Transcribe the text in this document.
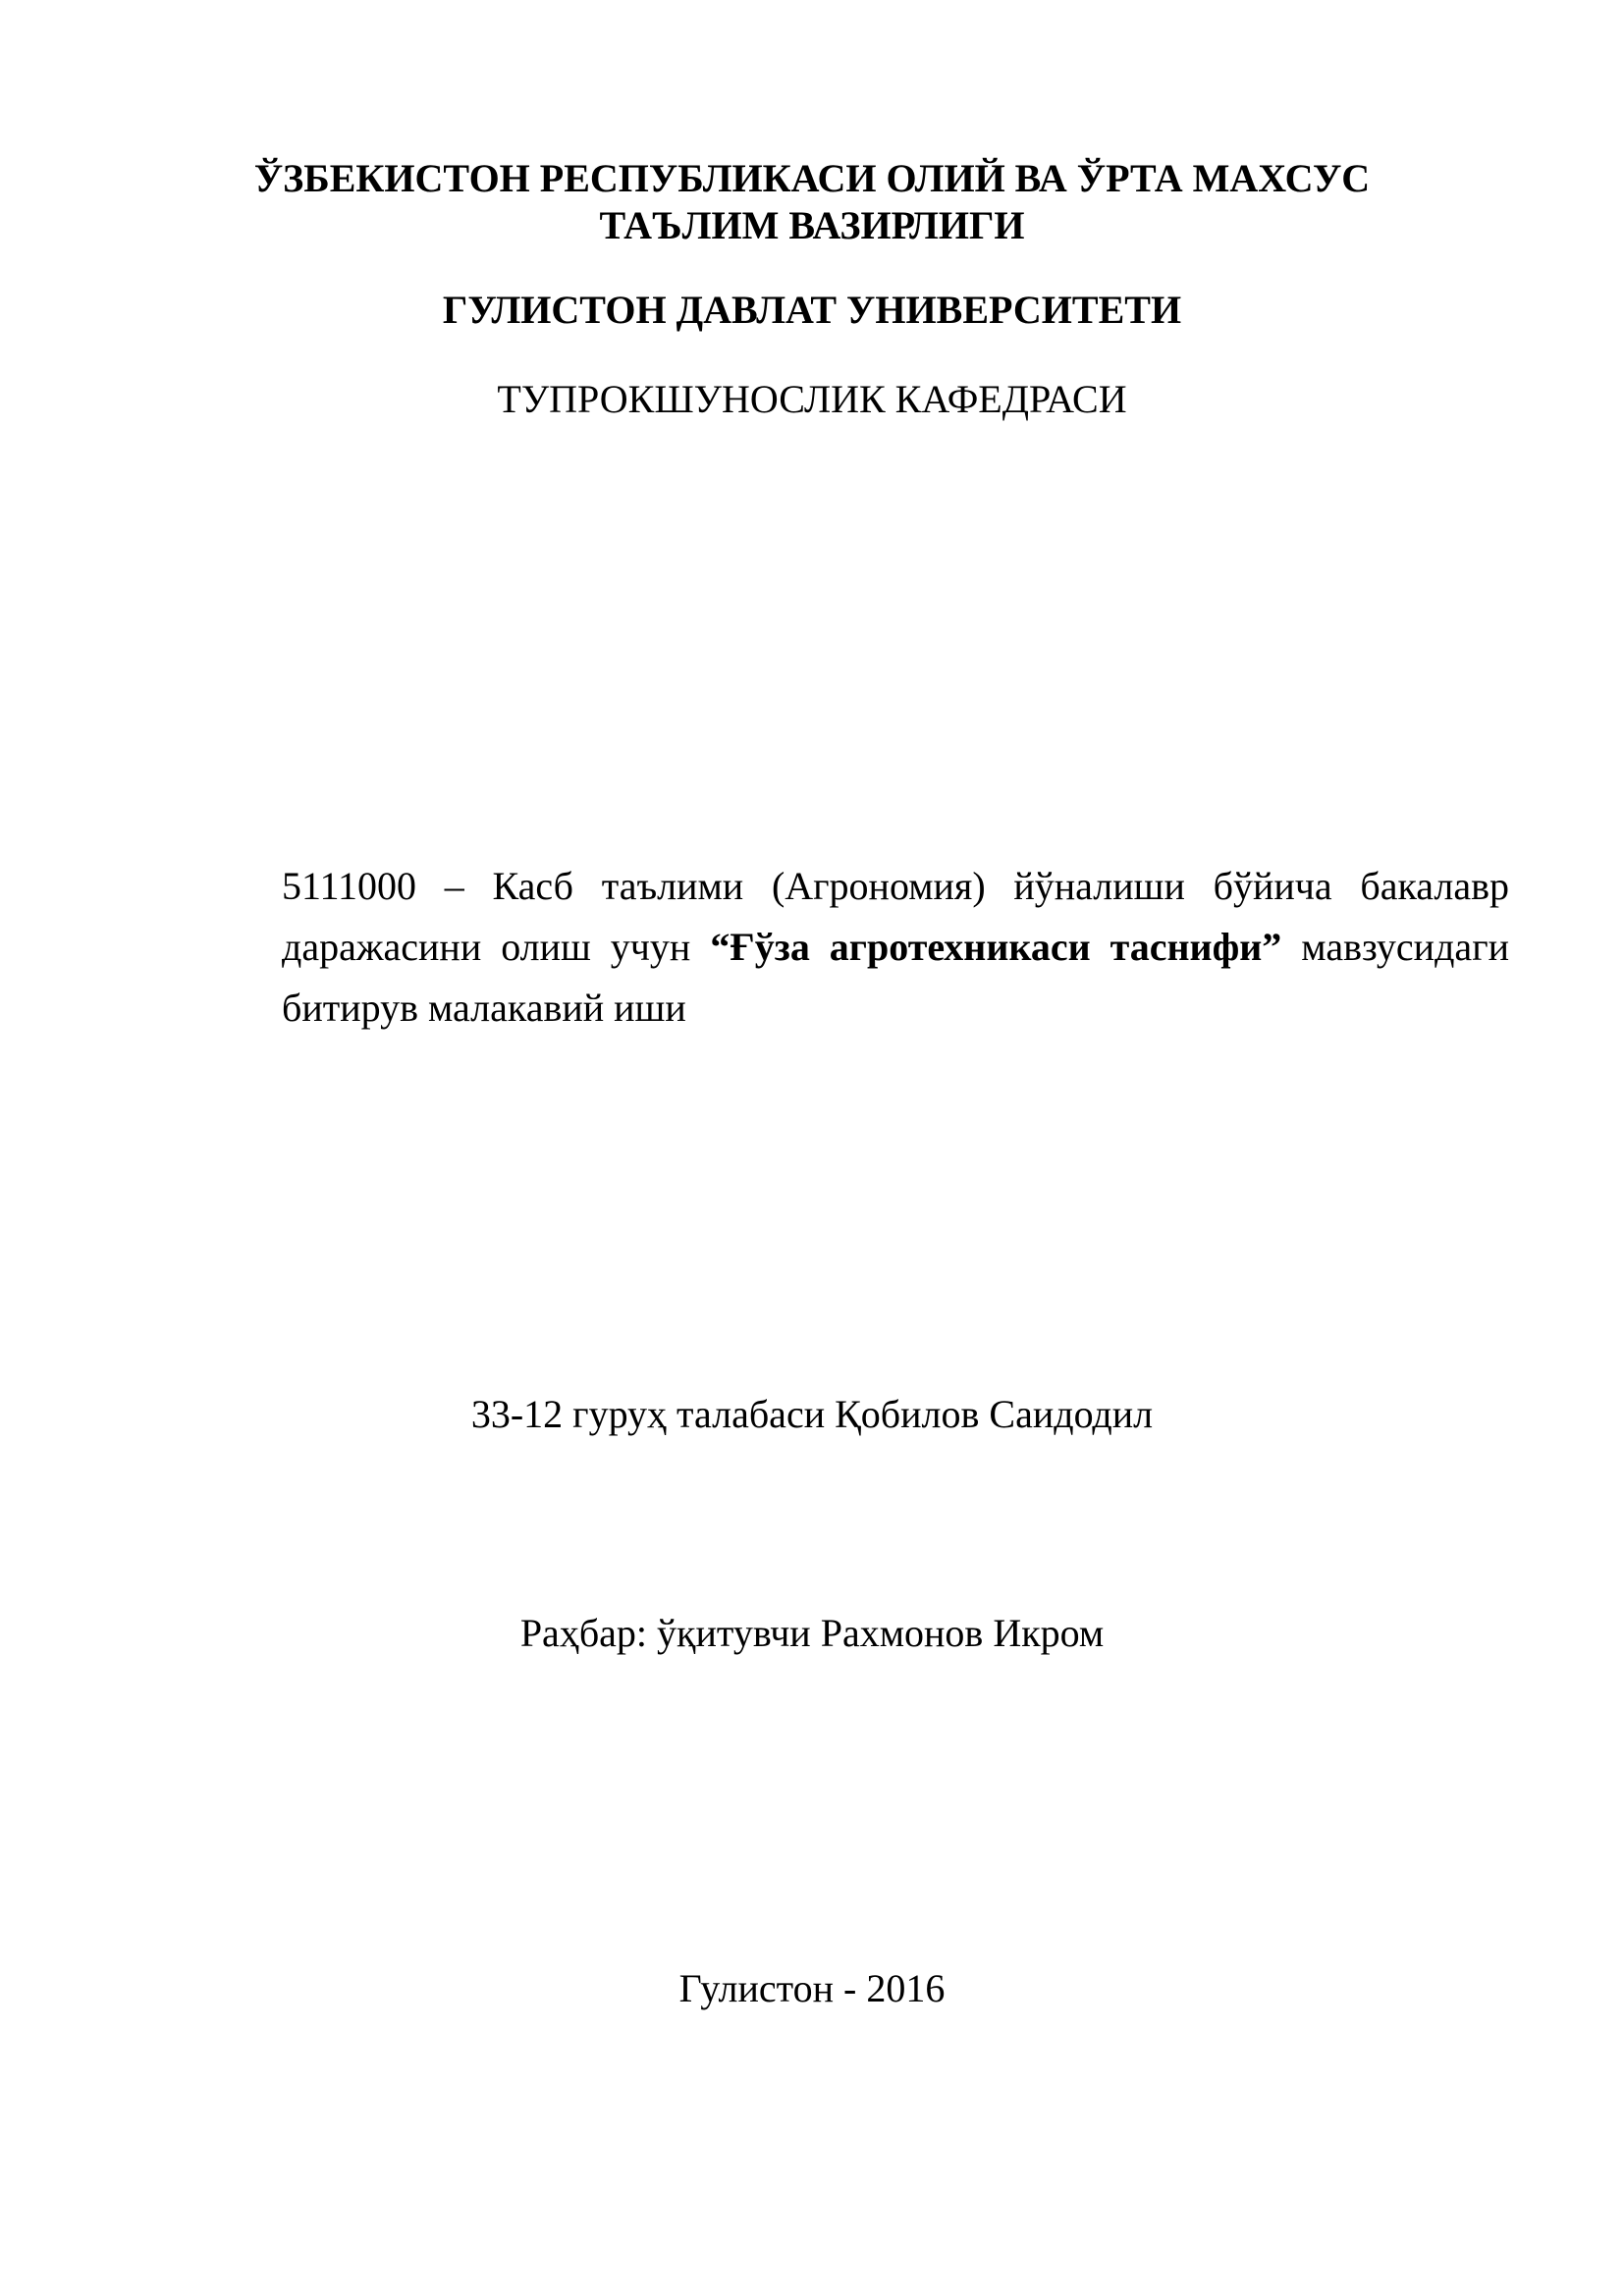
ЎЗБЕКИСТОН РЕСПУБЛИКАСИ ОЛИЙ ВА ЎРТА МАХСУС
ТАЪЛИМ ВАЗИРЛИГИ
ГУЛИСТОН ДАВЛАТ УНИВЕРСИТЕТИ
ТУПРОКШУНОСЛИК КАФЕДРАСИ
5111000 – Касб таълими (Агрономия) йўналиши бўйича бакалавр даражасини олиш учун “Ғўза агротехникаси таснифи” мавзусидаги битирув малакавий иши
33-12 гуруҳ талабаси Қобилов Саидодил
Раҳбар: ўқитувчи Рахмонов Икром
Гулистон - 2016
